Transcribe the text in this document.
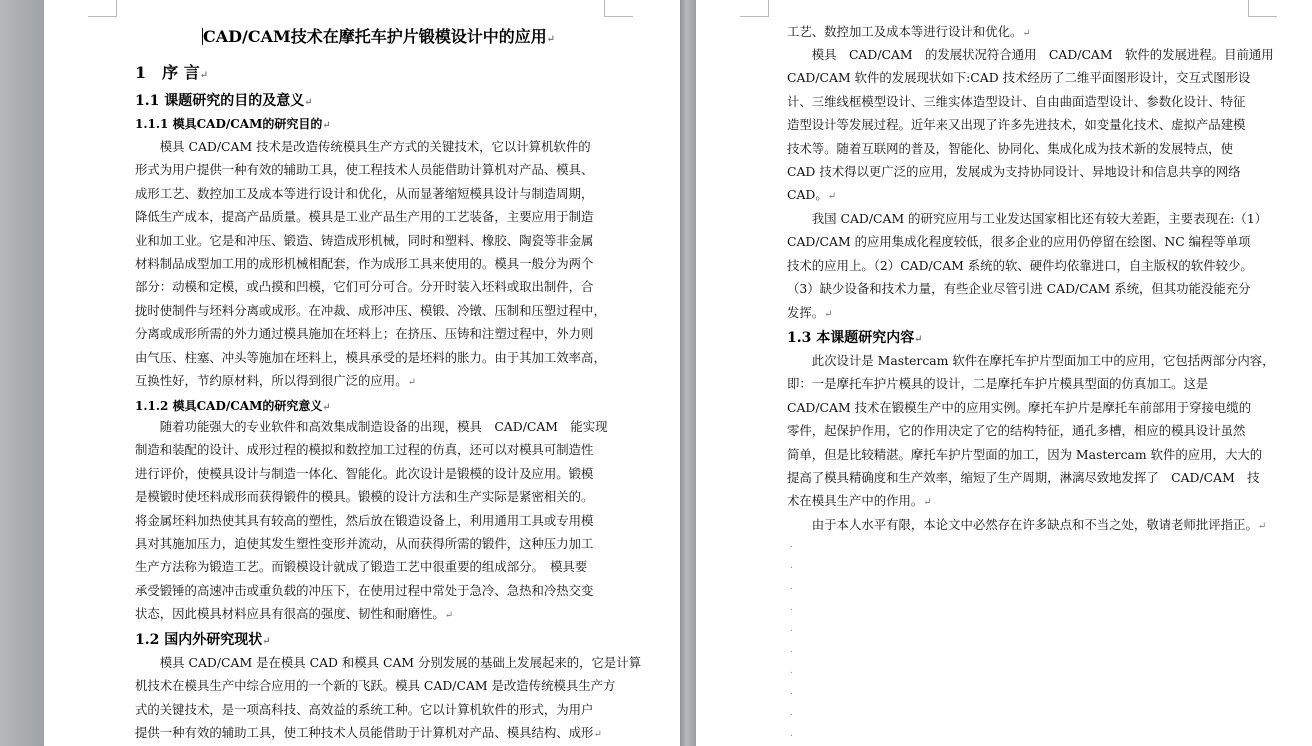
CAD/CAM技术在摩托车护片锻模设计中的应用↵
1　序 言↵
1.1 课题研究的目的及意义↵
1.1.1 模具CAD/CAM的研究目的↵
　　模具 CAD/CAM 技术是改造传统模具生产方式的关键技术，它以计算机软件的
形式为用户提供一种有效的辅助工具，使工程技术人员能借助计算机对产品、模具、
成形工艺、数控加工及成本等进行设计和优化，从而显著缩短模具设计与制造周期，
降低生产成本，提高产品质量。模具是工业产品生产用的工艺装备，主要应用于制造
业和加工业。它是和冲压、锻造、铸造成形机械，同时和塑料、橡胶、陶瓷等非金属
材料制品成型加工用的成形机械相配套，作为成形工具来使用的。模具一般分为两个
部分：动模和定模，或凸摸和凹模，它们可分可合。分开时装入坯料或取出制件，合
拢时使制件与坯料分离或成形。在冲裁、成形冲压、模锻、冷镦、压制和压塑过程中，
分离或成形所需的外力通过模具施加在坯料上；在挤压、压铸和注塑过程中，外力则
由气压、柱塞、冲头等施加在坯料上，模具承受的是坯料的胀力。由于其加工效率高，
互换性好，节约原材料，所以得到很广泛的应用。↵
1.1.2 模具CAD/CAM的研究意义↵
　　随着功能强大的专业软件和高效集成制造设备的出现，模具　CAD/CAM　能实现
制造和装配的设计、成形过程的模拟和数控加工过程的仿真，还可以对模具可制造性
进行评价，使模具设计与制造一体化、智能化。此次设计是锻模的设计及应用。锻模
是模锻时使坯料成形而获得锻件的模具。锻模的设计方法和生产实际是紧密相关的。
将金属坯料加热使其具有较高的塑性，然后放在锻造设备上，利用通用工具或专用模
具对其施加压力，迫使其发生塑性变形并流动，从而获得所需的锻件，这种压力加工
生产方法称为锻造工艺。而锻模设计就成了锻造工艺中很重要的组成部分。　模具要
承受锻锤的高速冲击或重负载的冲压下，在使用过程中常处于急冷、急热和冷热交变
状态，因此模具材料应具有很高的强度、韧性和耐磨性。↵
1.2 国内外研究现状↵
　　模具 CAD/CAM 是在模具 CAD 和模具 CAM 分别发展的基础上发展起来的，它是计算
机技术在模具生产中综合应用的一个新的飞跃。模具 CAD/CAM 是改造传统模具生产方
式的关键技术，是一项高科技、高效益的系统工种。它以计算机软件的形式，为用户
提供一种有效的辅助工具，使工种技术人员能借助于计算机对产品、模具结构、成形↵
工艺、数控加工及成本等进行设计和优化。↵
　　模具　CAD/CAM　的发展状况符合通用　CAD/CAM　软件的发展进程。目前通用
CAD/CAM 软件的发展现状如下:CAD 技术经历了二维平面图形设计，交互式图形设
计、三维线框模型设计、三维实体造型设计、自由曲面造型设计、参数化设计、特征
造型设计等发展过程。近年来又出现了许多先进技术，如变量化技术、虚拟产品建模
技术等。随着互联网的普及，智能化、协同化、集成化成为技术新的发展特点，使
CAD 技术得以更广泛的应用，发展成为支持协同设计、异地设计和信息共享的网络
CAD。↵
　　我国 CAD/CAM 的研究应用与工业发达国家相比还有较大差距，主要表现在:（1）
CAD/CAM 的应用集成化程度较低，很多企业的应用仍停留在绘图、NC 编程等单项
技术的应用上。（2）CAD/CAM 系统的软、硬件均依靠进口，自主版权的软件较少。
（3）缺少设备和技术力量，有些企业尽管引进 CAD/CAM 系统，但其功能没能充分
发挥。↵
1.3 本课题研究内容↵
　　此次设计是 Mastercam 软件在摩托车护片型面加工中的应用，它包括两部分内容，
即：一是摩托车护片模具的设计，二是摩托车护片模具型面的仿真加工。这是
CAD/CAM 技术在锻模生产中的应用实例。摩托车护片是摩托车前部用于穿接电缆的
零件，起保护作用，它的作用决定了它的结构特征，通孔多槽，相应的模具设计虽然
简单，但是比较精湛。摩托车护片型面的加工，因为 Mastercam 软件的应用，大大的
提高了模具精确度和生产效率，缩短了生产周期，淋漓尽致地发挥了　CAD/CAM　技
术在模具生产中的作用。↵
　　由于本人水平有限，本论文中必然存在许多缺点和不当之处，敬请老师批评指正。↵
.
.
.
.
.
.
.
.
.
.
